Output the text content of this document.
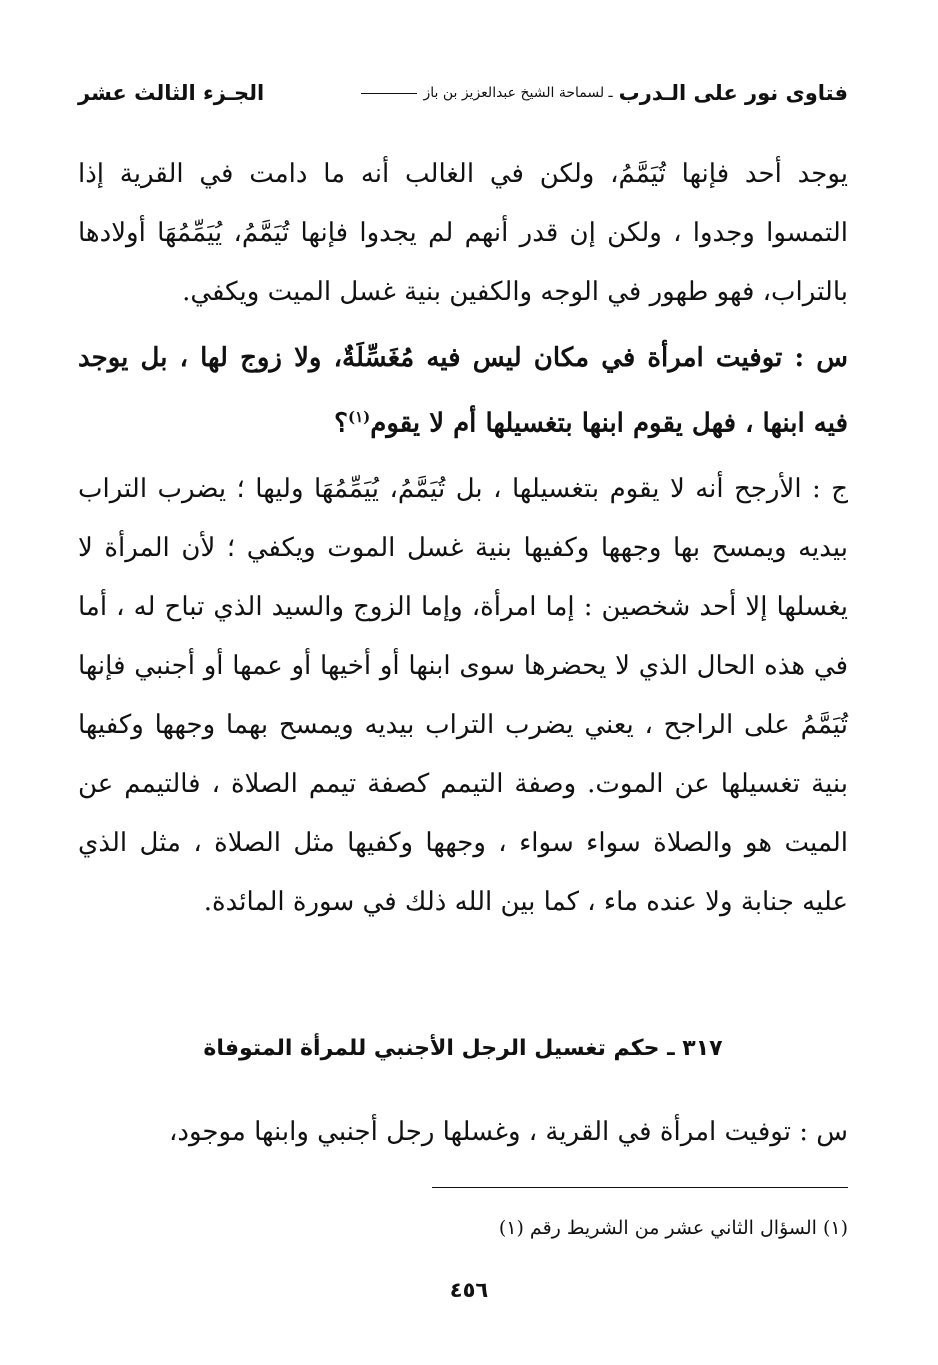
فتاوى نور على الـدرب
ـ لسماحة الشيخ عبدالعزيز بن باز
الجـزء الثالث عشر

يوجد أحد فإنها تُيَمَّمُ، ولكن في الغالب أنه ما دامت في القرية إذا التمسوا وجدوا ، ولكن إن قدر أنهم لم يجدوا فإنها تُيَمَّمُ، يُيَمِّمُهَا أولادها بالتراب، فهو طهور في الوجه والكفين بنية غسل الميت ويكفي.

س : توفيت امرأة في مكان ليس فيه مُغَسِّلَةٌ، ولا زوج لها ، بل يوجد فيه ابنها ، فهل يقوم ابنها بتغسيلها أم لا يقوم$^{(١)}$؟

ج : الأرجح أنه لا يقوم بتغسيلها ، بل تُيَمَّمُ، يُيَمِّمُهَا وليها ؛ يضرب التراب بيديه ويمسح بها وجهها وكفيها بنية غسل الموت ويكفي ؛ لأن المرأة لا يغسلها إلا أحد شخصين : إما امرأة، وإما الزوج والسيد الذي تباح له ، أما في هذه الحال الذي لا يحضرها سوى ابنها أو أخيها أو عمها أو أجنبي فإنها تُيَمَّمُ على الراجح ، يعني يضرب التراب بيديه ويمسح بهما وجهها وكفيها بنية تغسيلها عن الموت. وصفة التيمم كصفة تيمم الصلاة ، فالتيمم عن الميت هو والصلاة سواء سواء ، وجهها وكفيها مثل الصلاة ، مثل الذي عليه جنابة ولا عنده ماء ، كما بين الله ذلك في سورة المائدة.

٣١٧ ـ حكم تغسيل الرجل الأجنبي للمرأة المتوفاة

س : توفيت امرأة في القرية ، وغسلها رجل أجنبي وابنها موجود،

(١) السؤال الثاني عشر من الشريط رقم (١)
٤٥٦
